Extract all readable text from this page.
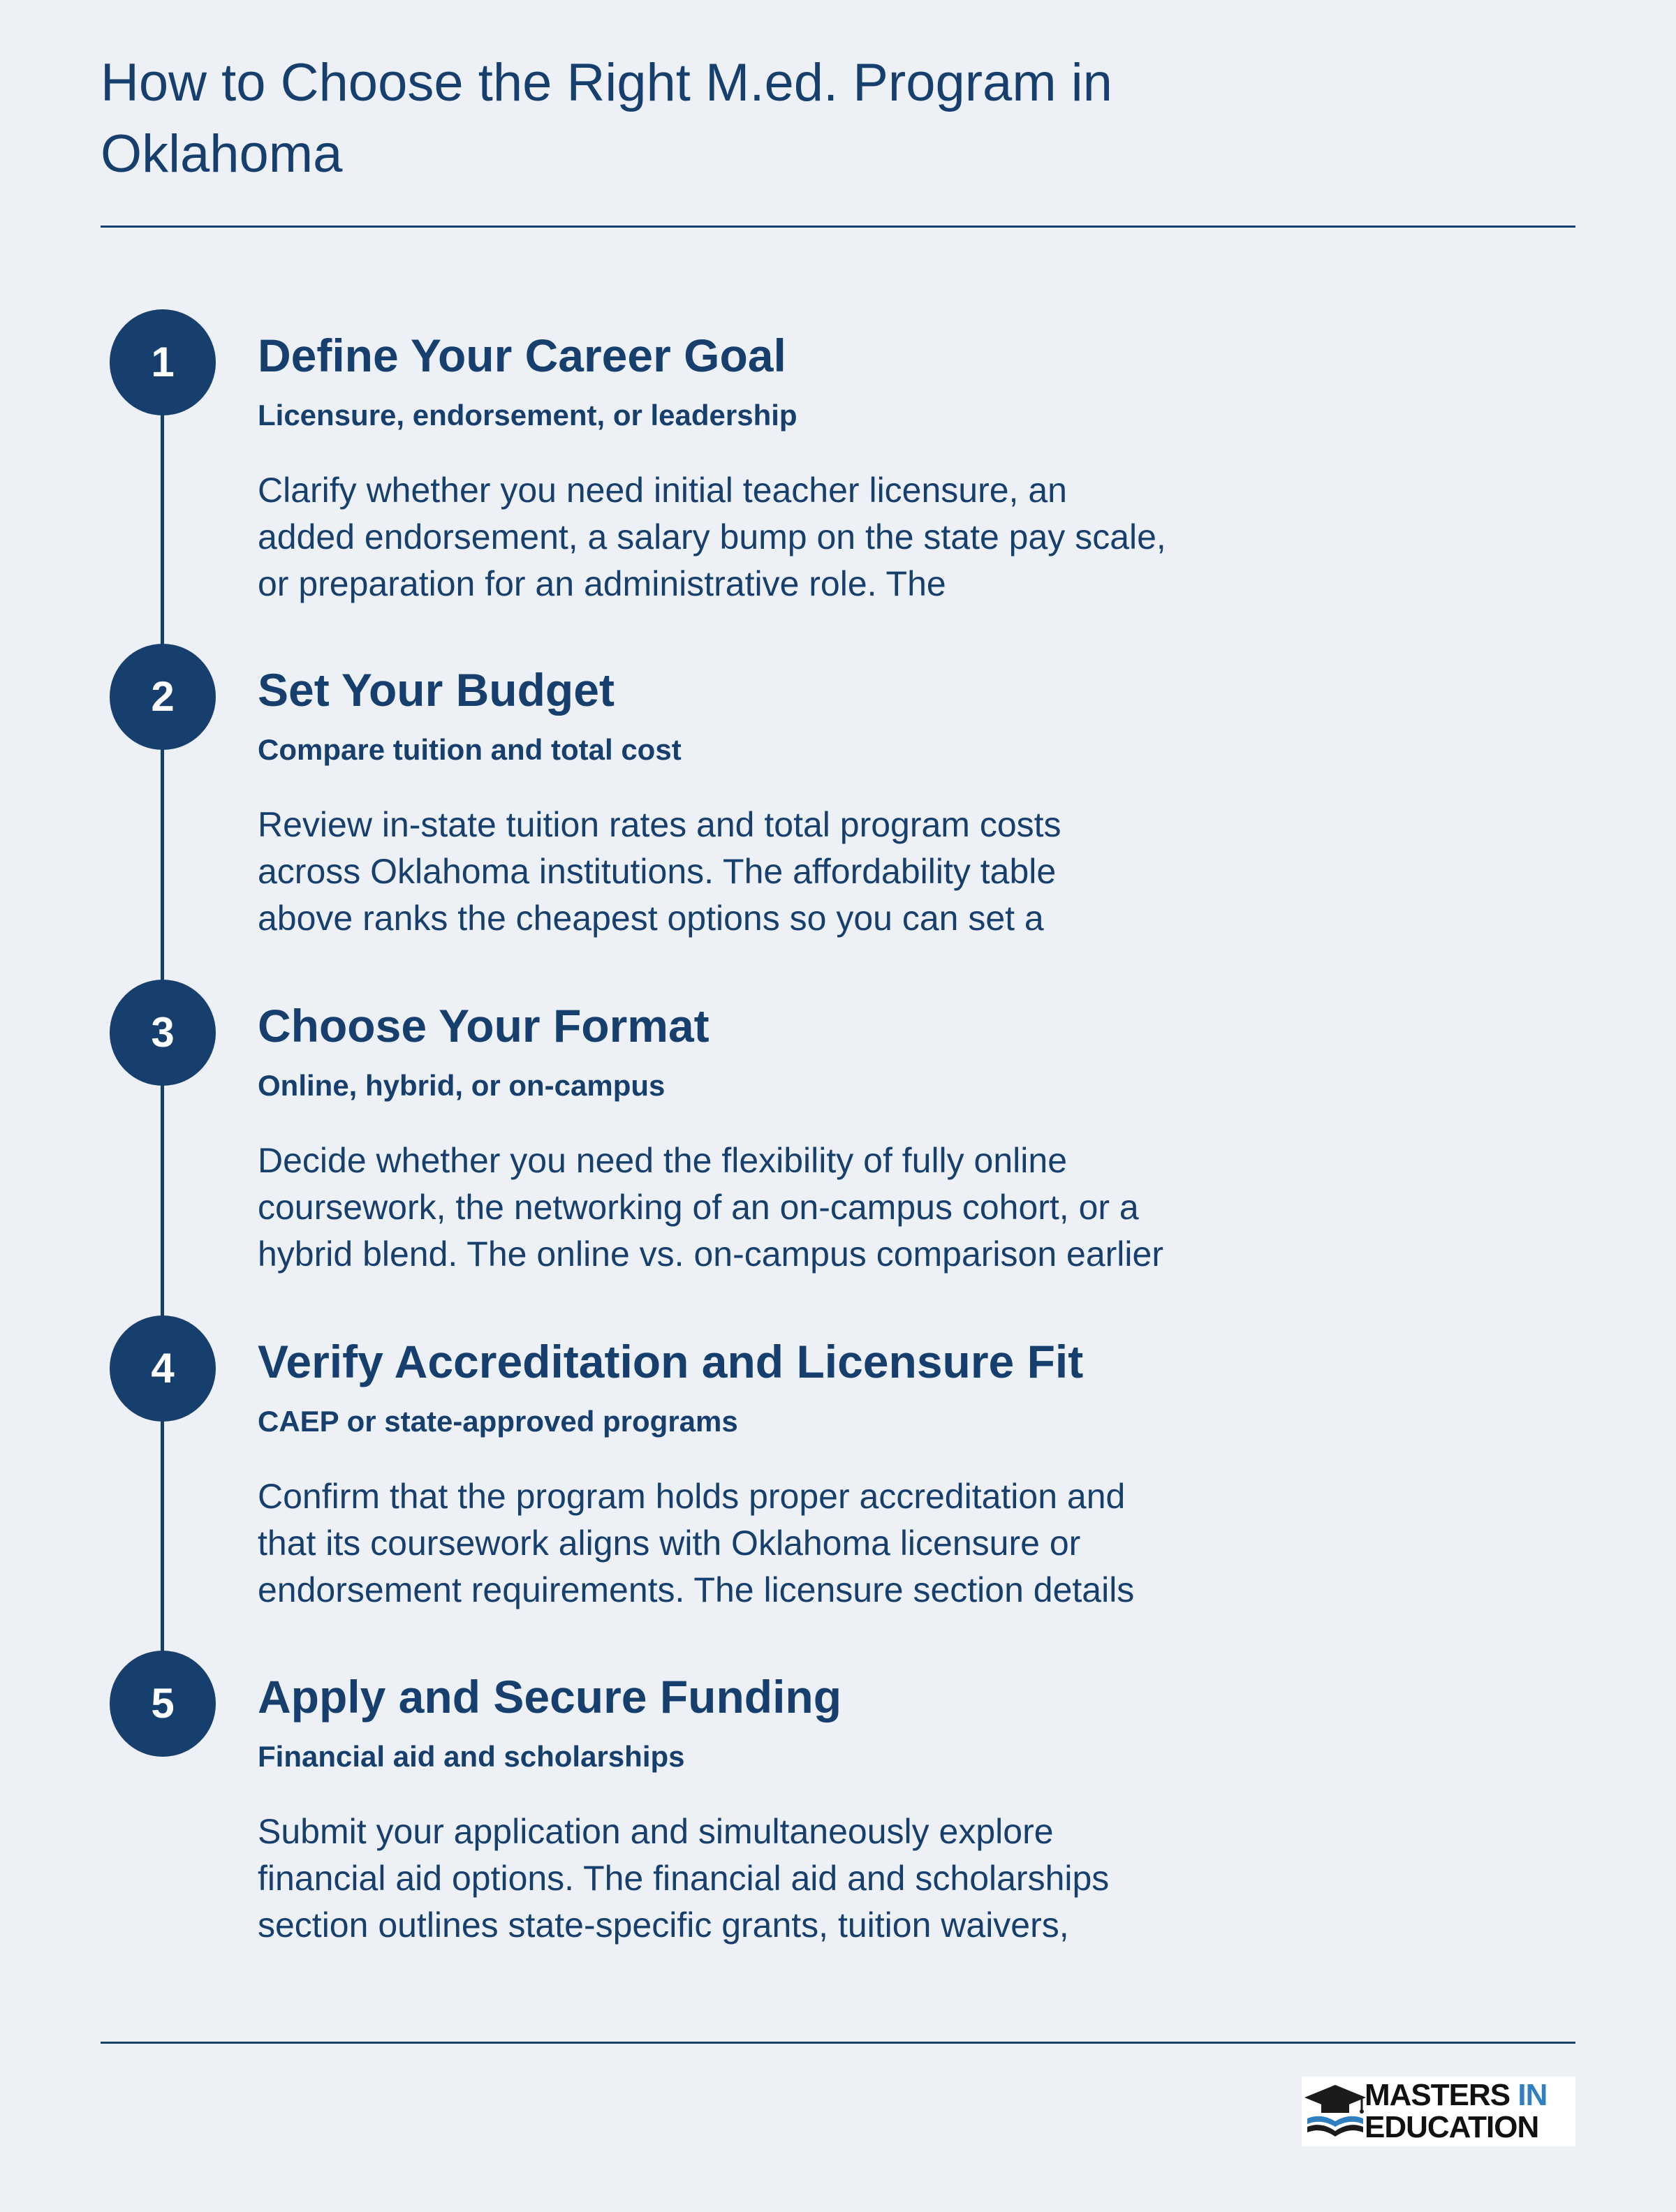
How to Choose the Right M.ed. Program in Oklahoma
1	Define Your Career Goal
Licensure, endorsement, or leadership

Clarify whether you need initial teacher licensure, an
added endorsement, a salary bump on the state pay scale,
or preparation for an administrative role. The

2	Set Your Budget
Compare tuition and total cost

Review in-state tuition rates and total program costs
across Oklahoma institutions. The affordability table
above ranks the cheapest options so you can set a

3	Choose Your Format
Online, hybrid, or on-campus

Decide whether you need the flexibility of fully online
coursework, the networking of an on-campus cohort, or a
hybrid blend. The online vs. on-campus comparison earlier

4	Verify Accreditation and Licensure Fit
CAEP or state-approved programs

Confirm that the program holds proper accreditation and
that its coursework aligns with Oklahoma licensure or
endorsement requirements. The licensure section details

5	Apply and Secure Funding
Financial aid and scholarships

Submit your application and simultaneously explore
financial aid options. The financial aid and scholarships
section outlines state-specific grants, tuition waivers,

MASTERS IN
EDUCATION
